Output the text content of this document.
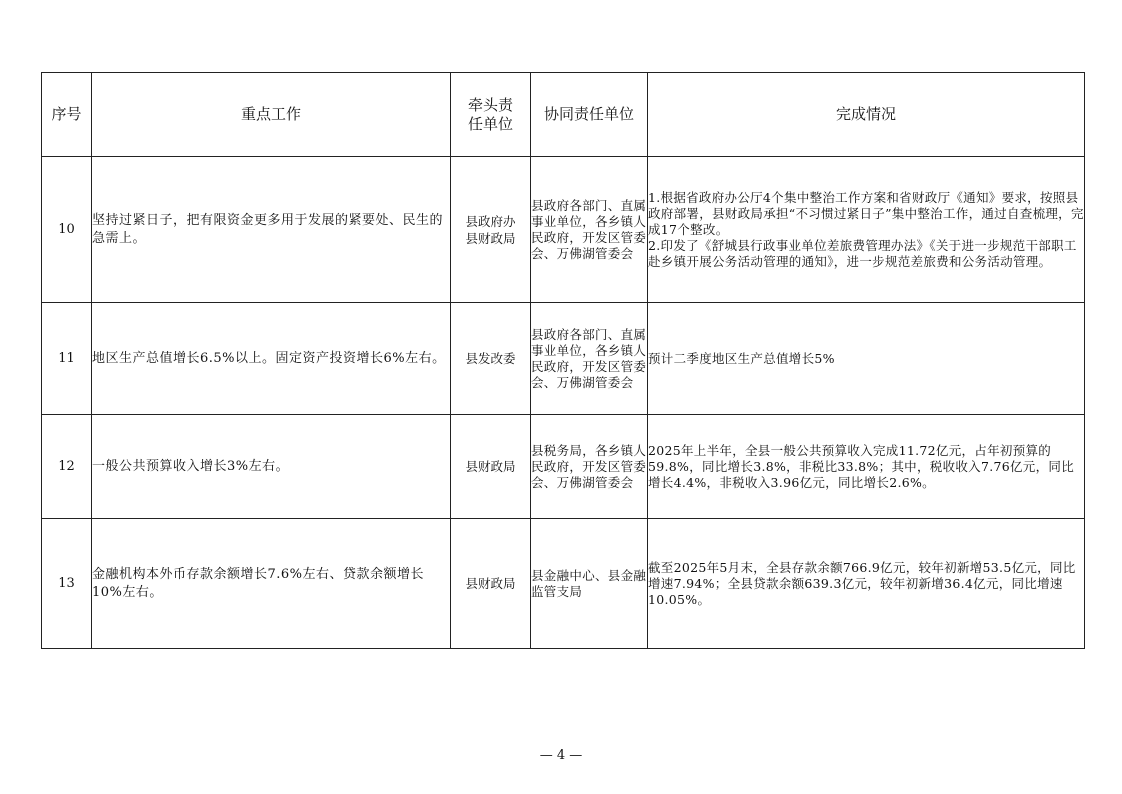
序号	重点工作	牵头责任单位	协同责任单位	完成情况
10	坚持过紧日子，把有限资金更多用于发展的紧要处、民生的急需上。	县政府办县财政局	县政府各部门、直属事业单位，各乡镇人民政府，开发区管委会、万佛湖管委会	1.根据省政府办公厅4个集中整治工作方案和省财政厅《通知》要求，按照县政府部署，县财政局承担“不习惯过紧日子”集中整治工作，通过自查梳理，完成17个整改。
2.印发了《舒城县行政事业单位差旅费管理办法》《关于进一步规范干部职工赴乡镇开展公务活动管理的通知》，进一步规范差旅费和公务活动管理。

11	地区生产总值增长6.5%以上。固定资产投资增长6%左右。	县发改委	县政府各部门、直属事业单位，各乡镇人民政府，开发区管委会、万佛湖管委会	预计二季度地区生产总值增长5%

12	一般公共预算收入增长3%左右。	县财政局	县税务局，各乡镇人民政府，开发区管委会、万佛湖管委会	2025年上半年，全县一般公共预算收入完成11.72亿元，占年初预算的59.8%，同比增长3.8%，非税比33.8%；其中，税收收入7.76亿元，同比增长4.4%，非税收入3.96亿元，同比增长2.6%。

13	金融机构本外币存款余额增长7.6%左右、贷款余额增长10%左右。	县财政局	县金融中心、县金融监管支局	截至2025年5月末，全县存款余额766.9亿元，较年初新增53.5亿元，同比增速7.94%；全县贷款余额639.3亿元，较年初新增36.4亿元，同比增速10.05%。
— 4 —
